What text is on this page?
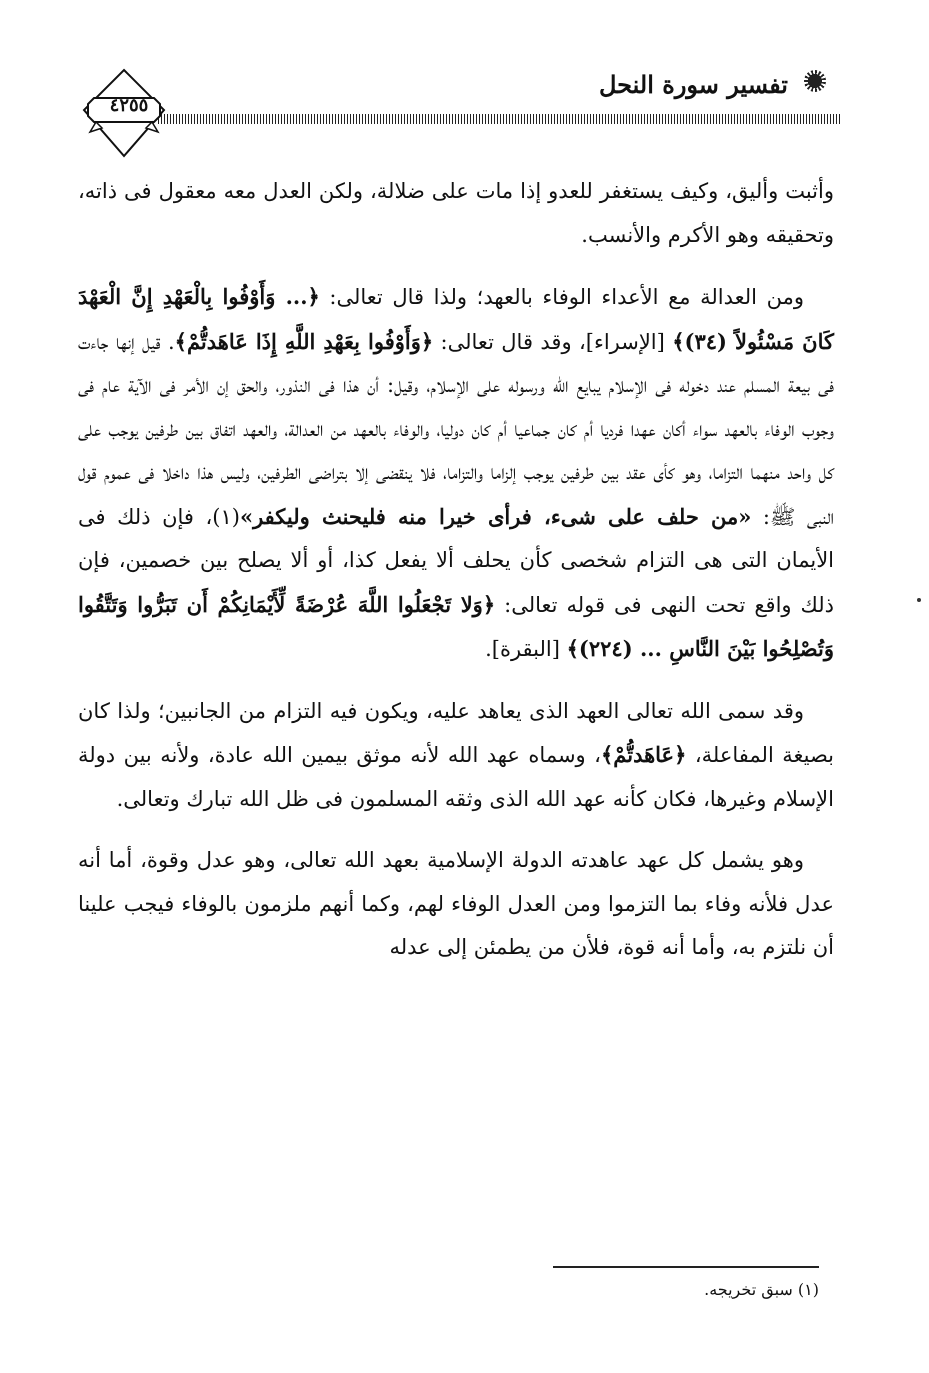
تفسير سورة النحل
٤٢٥٥

وأثبت وأليق، وكيف يستغفر للعدو إذا مات على ضلالة، ولكن العدل معه معقول فى ذاته، وتحقيقه وهو الأكرم والأنسب.

ومن العدالة مع الأعداء الوفاء بالعهد؛ ولذا قال تعالى: ﴿... وَأَوْفُوا بِالْعَهْدِ إِنَّ الْعَهْدَ كَانَ مَسْئُولاً (٣٤)﴾ [الإسراء]، وقد قال تعالى: ﴿وَأَوْفُوا بِعَهْدِ اللَّهِ إِذَا عَاهَدتُّمْ﴾. قيل إنها جاءت فى بيعة المسلم عند دخوله فى الإسلام يبايع الله ورسوله على الإسلام، وقيل: أن هذا فى النذور، والحق إن الأمر فى الآية عام فى وجوب الوفاء بالعهد سواء أكان عهدا فرديا أم كان جماعيا أم كان دوليا، والوفاء بالعهد من العدالة، والعهد اتفاق بين طرفين يوجب على كل واحد منهما التزاما، وهو كأى عقد بين طرفين يوجب إلزاما والتزاما، فلا ينقضى إلا بتراضى الطرفين، وليس هذا داخلا فى عموم قول النبى ﷺ: «من حلف على شىء، فرأى خيرا منه فليحنث وليكفر»(١)، فإن ذلك فى الأيمان التى هى التزام شخصى كأن يحلف ألا يفعل كذا، أو ألا يصلح بين خصمين، فإن ذلك واقع تحت النهى فى قوله تعالى: ﴿وَلا تَجْعَلُوا اللَّهَ عُرْضَةً لِّأَيْمَانِكُمْ أَن تَبَرُّوا وَتَتَّقُوا وَتُصْلِحُوا بَيْنَ النَّاسِ ... (٢٢٤)﴾ [البقرة].

وقد سمى الله تعالى العهد الذى يعاهد عليه، ويكون فيه التزام من الجانبين؛ ولذا كان بصيغة المفاعلة، ﴿عَاهَدتُّمْ﴾، وسماه عهد الله لأنه موثق بيمين الله عادة، ولأنه بين دولة الإسلام وغيرها، فكان كأنه عهد الله الذى وثقه المسلمون فى ظل الله تبارك وتعالى.

وهو يشمل كل عهد عاهدته الدولة الإسلامية بعهد الله تعالى، وهو عدل وقوة، أما أنه عدل فلأنه وفاء بما التزموا ومن العدل الوفاء لهم، وكما أنهم ملزمون بالوفاء فيجب علينا أن نلتزم به، وأما أنه قوة، فلأن من يطمئن إلى عدله

(١) سبق تخريجه.
